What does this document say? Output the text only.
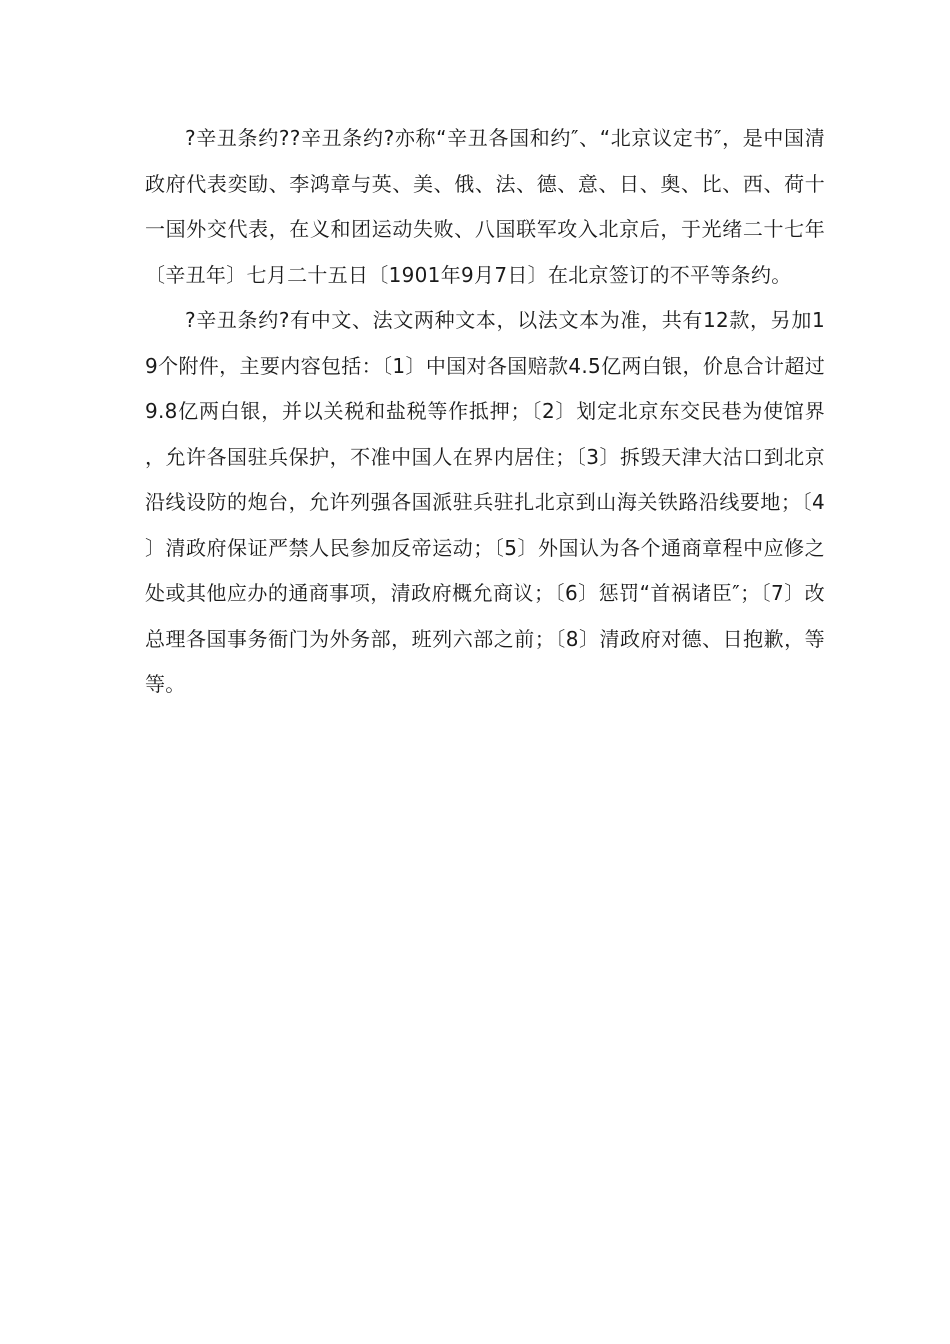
?辛丑条约??辛丑条约?亦称“辛丑各国和约″、“北京议定书″，是中国清政府代表奕劻、李鸿章与英、美、俄、法、德、意、日、奥、比、西、荷十一国外交代表，在义和团运动失败、八国联军攻入北京后，于光绪二十七年〔辛丑年〕七月二十五日〔1901年9月7日〕在北京签订的不平等条约。

?辛丑条约?有中文、法文两种文本，以法文本为准，共有12款，另加19个附件，主要内容包括：〔1〕中国对各国赔款4.5亿两白银，价息合计超过9.8亿两白银，并以关税和盐税等作抵押；〔2〕划定北京东交民巷为使馆界，允许各国驻兵保护，不准中国人在界内居住；〔3〕拆毁天津大沽口到北京沿线设防的炮台，允许列强各国派驻兵驻扎北京到山海关铁路沿线要地；〔4〕清政府保证严禁人民参加反帝运动；〔5〕外国认为各个通商章程中应修之处或其他应办的通商事项，清政府概允商议；〔6〕惩罚“首祸诸臣″；〔7〕改总理各国事务衙门为外务部，班列六部之前；〔8〕清政府对德、日抱歉，等等。
